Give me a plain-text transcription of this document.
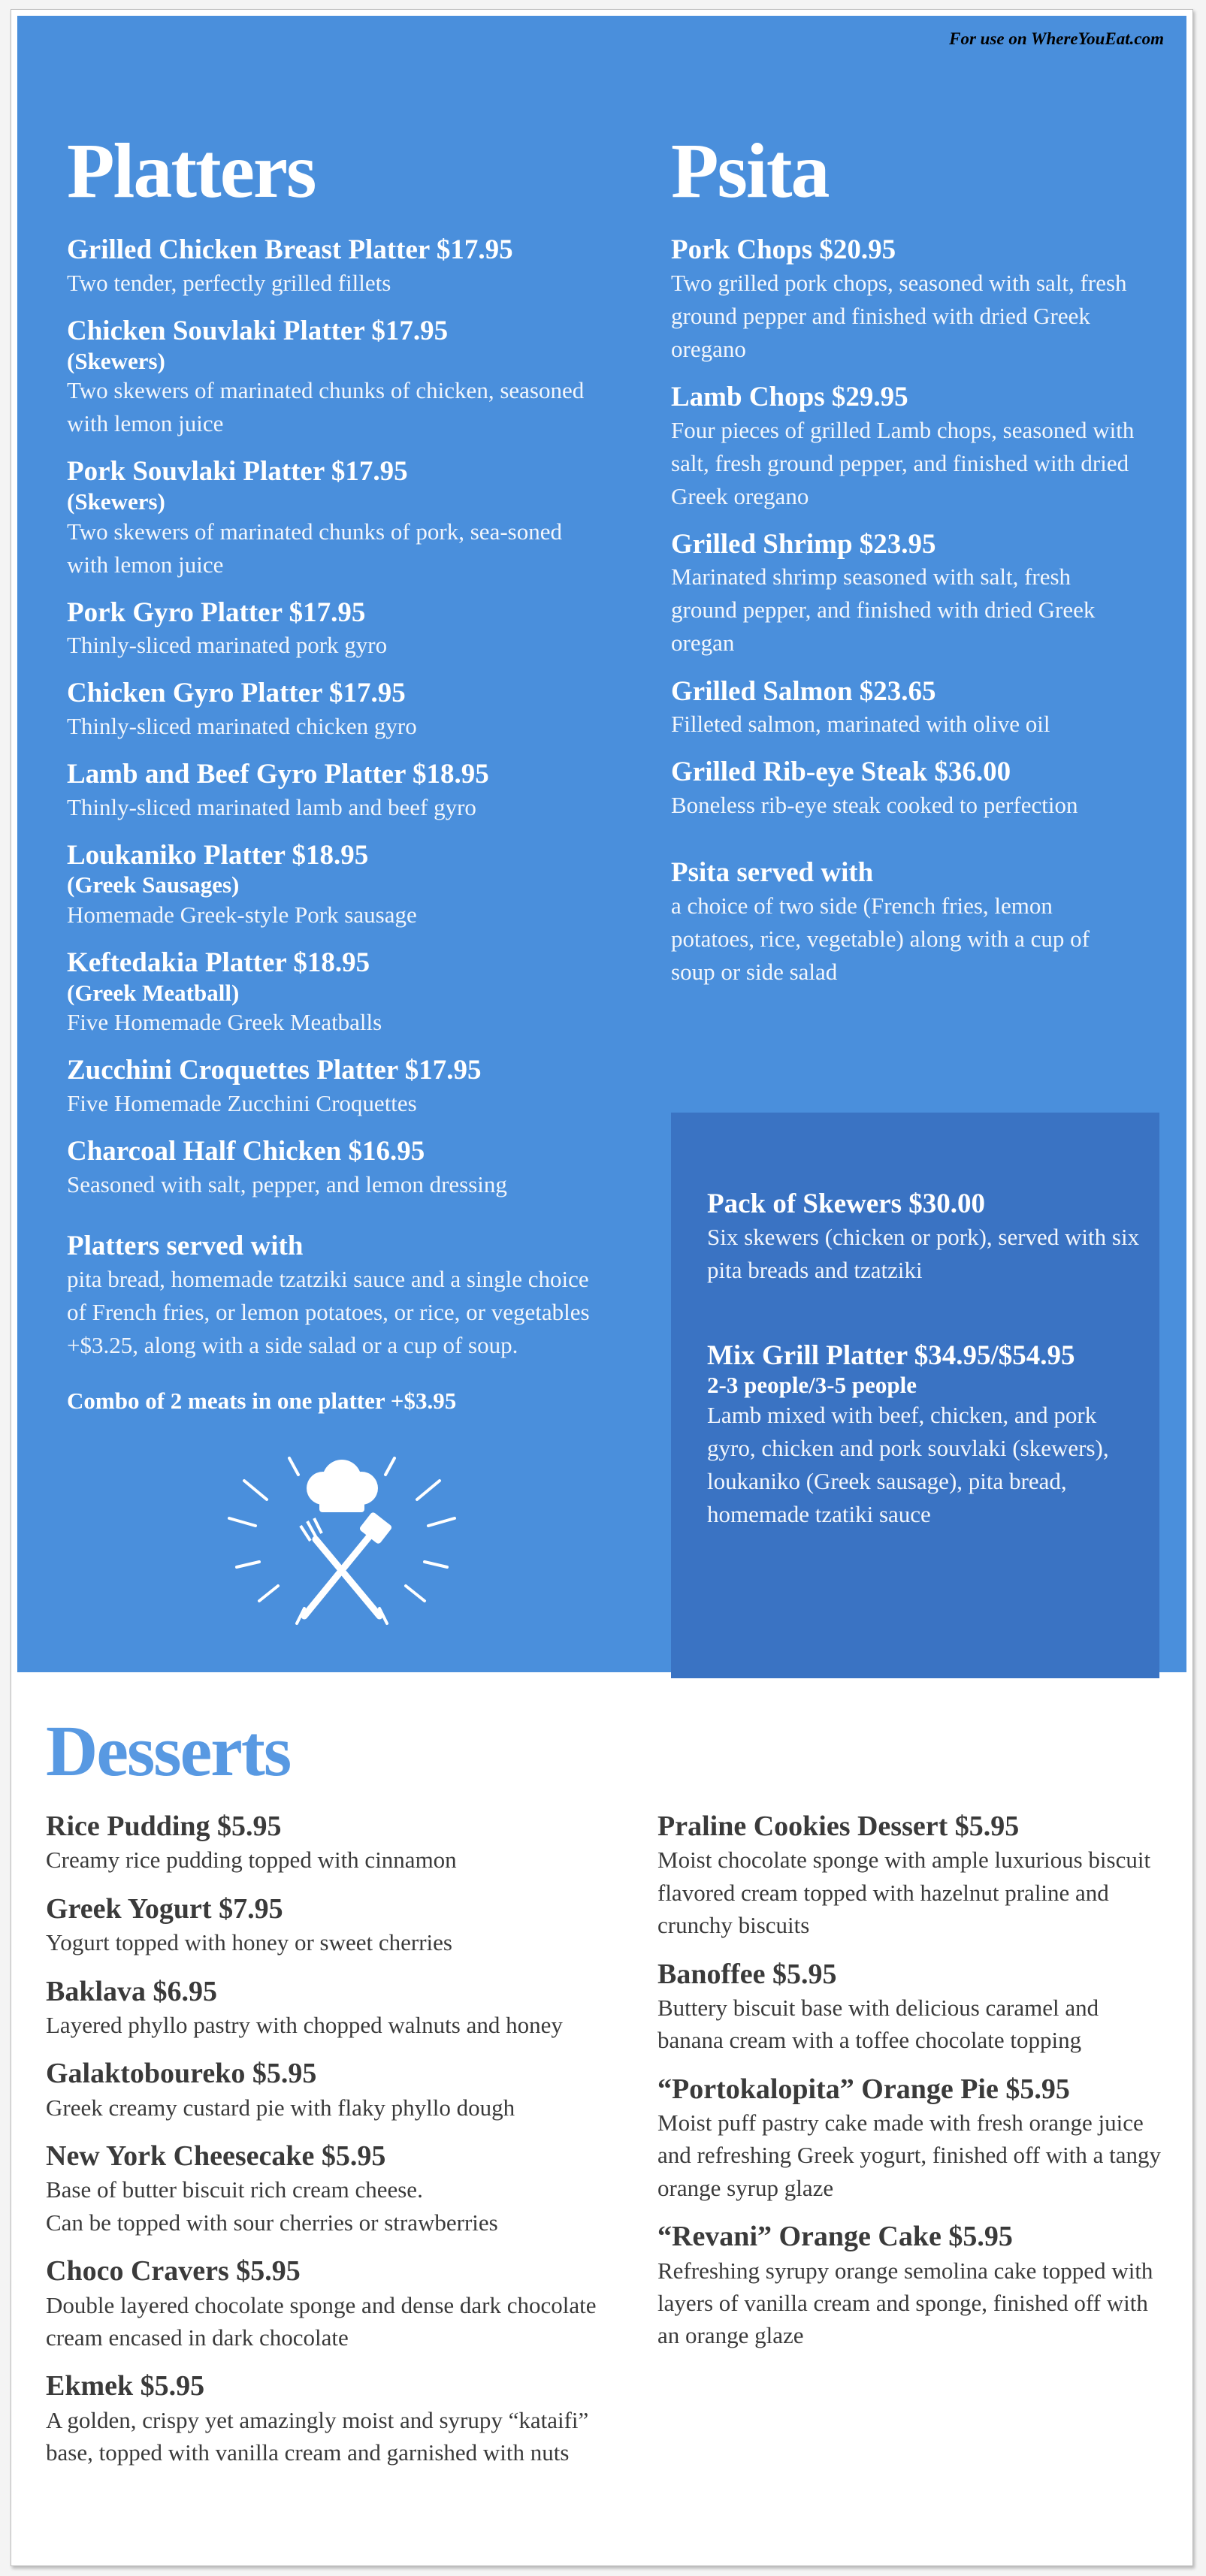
For use on WhereYouEat.com
Platters
Grilled Chicken Breast Platter $17.95
Two tender, perfectly grilled fillets
Chicken Souvlaki Platter $17.95
(Skewers)
Two skewers of marinated chunks of chicken, seasoned with lemon juice
Pork Souvlaki Platter $17.95
(Skewers)
Two skewers of marinated chunks of pork, sea-soned with lemon juice
Pork Gyro Platter $17.95
Thinly-sliced marinated pork gyro
Chicken Gyro Platter $17.95
Thinly-sliced marinated chicken gyro
Lamb and Beef Gyro Platter $18.95
Thinly-sliced marinated lamb and beef gyro
Loukaniko Platter $18.95
(Greek Sausages)
Homemade Greek-style Pork sausage
Keftedakia Platter $18.95
(Greek Meatball)
Five Homemade Greek Meatballs
Zucchini Croquettes Platter $17.95
Five Homemade Zucchini Croquettes
Charcoal Half Chicken $16.95
Seasoned with salt, pepper, and lemon dressing
Platters served with
pita bread, homemade tzatziki sauce and a single choice of French fries, or lemon potatoes, or rice, or vegetables +$3.25, along with a side salad or a cup of soup.
Combo of 2 meats in one platter +$3.95
Psita
Pork Chops $20.95
Two grilled pork chops, seasoned with salt, fresh ground pepper and finished with dried Greek oregano
Lamb Chops $29.95
Four pieces of grilled Lamb chops, seasoned with salt, fresh ground pepper, and finished with dried Greek oregano
Grilled Shrimp $23.95
Marinated shrimp seasoned with salt, fresh ground pepper, and finished with dried Greek oregan
Grilled Salmon $23.65
Filleted salmon, marinated with olive oil
Grilled Rib-eye Steak $36.00
Boneless rib-eye steak cooked to perfection
Psita served with
a choice of two side (French fries, lemon potatoes, rice, vegetable) along with a cup of soup or side salad
Pack of Skewers $30.00
Six skewers (chicken or pork), served with six pita breads and tzatziki
Mix Grill Platter $34.95/$54.95
2-3 people/3-5 people
Lamb mixed with beef, chicken, and pork gyro, chicken and pork souvlaki (skewers), loukaniko (Greek sausage), pita bread, homemade tzatiki sauce
Desserts
Rice Pudding $5.95
Creamy rice pudding topped with cinnamon
Greek Yogurt $7.95
Yogurt topped with honey or sweet cherries
Baklava $6.95
Layered phyllo pastry with chopped walnuts and honey
Galaktoboureko $5.95
Greek creamy custard pie with flaky phyllo dough
New York Cheesecake $5.95
Base of butter biscuit rich cream cheese.
Can be topped with sour cherries or strawberries
Choco Cravers $5.95
Double layered chocolate sponge and dense dark chocolate cream encased in dark chocolate
Ekmek $5.95
A golden, crispy yet amazingly moist and syrupy “kataifi” base, topped with vanilla cream and garnished with nuts
Praline Cookies Dessert $5.95
Moist chocolate sponge with ample luxurious biscuit flavored cream topped with hazelnut praline and crunchy biscuits
Banoffee $5.95
Buttery biscuit base with delicious caramel and banana cream with a toffee chocolate topping
“Portokalopita” Orange Pie $5.95
Moist puff pastry cake made with fresh orange juice and refreshing Greek yogurt, finished off with a tangy orange syrup glaze
“Revani” Orange Cake $5.95
Refreshing syrupy orange semolina cake topped with layers of vanilla cream and sponge, finished off with an orange glaze
